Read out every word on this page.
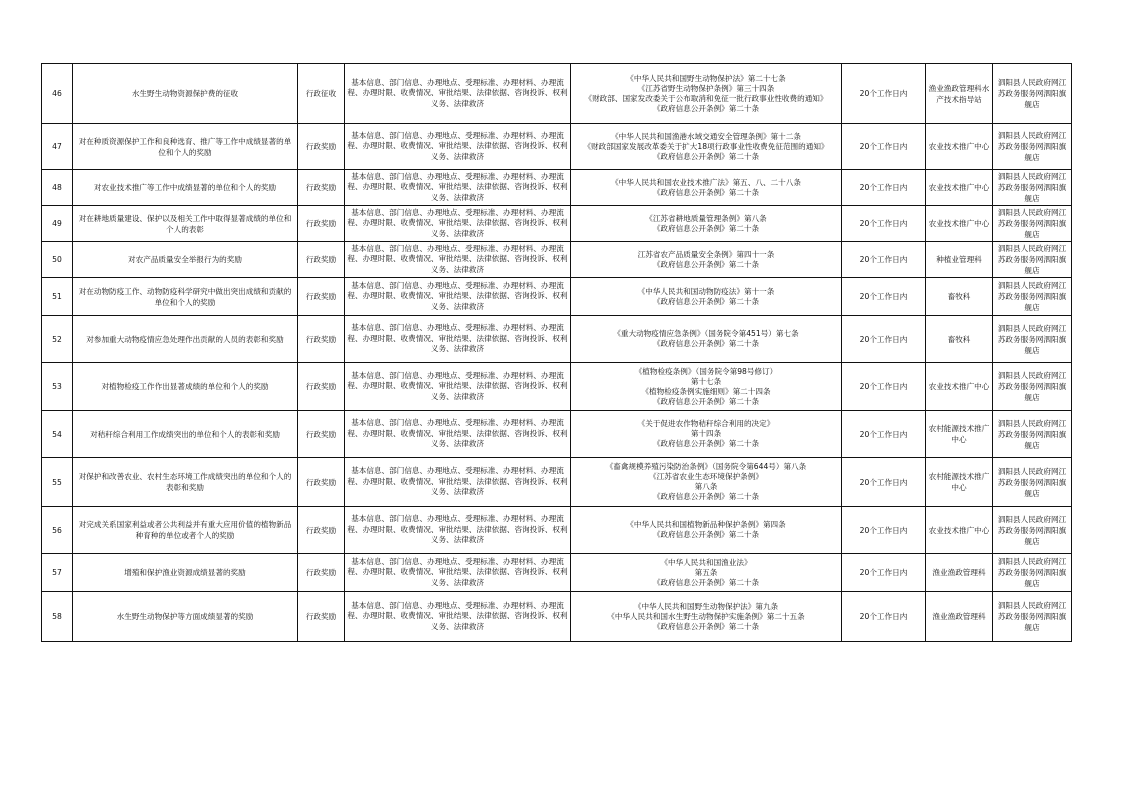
46	水生野生动物资源保护费的征收	行政征收	基本信息、部门信息、办理地点、受理标准、办理材料、办理流程、办理时限、收费情况、审批结果、法律依据、咨询投诉、权利义务、法律救济	《中华人民共和国野生动物保护法》第二十七条
《江苏省野生动物保护条例》第三十四条
《财政部、国家发改委关于公布取消和免征一批行政事业性收费的通知》
《政府信息公开条例》第二十条	20个工作日内	渔业渔政管理科水产技术指导站	泗阳县人民政府网江苏政务服务网泗阳旗舰店
47	对在种质资源保护工作和良种选育、推广等工作中成绩显著的单位和个人的奖励	行政奖励	基本信息、部门信息、办理地点、受理标准、办理材料、办理流程、办理时限、收费情况、审批结果、法律依据、咨询投诉、权利义务、法律救济	《中华人民共和国渔港水域交通安全管理条例》第十二条
《财政部国家发展改革委关于扩大18项行政事业性收费免征范围的通知》
《政府信息公开条例》第二十条	20个工作日内	农业技术推广中心	泗阳县人民政府网江苏政务服务网泗阳旗舰店
48	对农业技术推广等工作中成绩显著的单位和个人的奖励	行政奖励	基本信息、部门信息、办理地点、受理标准、办理材料、办理流程、办理时限、收费情况、审批结果、法律依据、咨询投诉、权利义务、法律救济	《中华人民共和国农业技术推广法》第五、八、二十八条
《政府信息公开条例》第二十条	20个工作日内	农业技术推广中心	泗阳县人民政府网江苏政务服务网泗阳旗舰店
49	对在耕地质量建设、保护以及相关工作中取得显著成绩的单位和个人的表彰	行政奖励	基本信息、部门信息、办理地点、受理标准、办理材料、办理流程、办理时限、收费情况、审批结果、法律依据、咨询投诉、权利义务、法律救济	《江苏省耕地质量管理条例》第八条
《政府信息公开条例》第二十条	20个工作日内	农业技术推广中心	泗阳县人民政府网江苏政务服务网泗阳旗舰店
50	对农产品质量安全举报行为的奖励	行政奖励	基本信息、部门信息、办理地点、受理标准、办理材料、办理流程、办理时限、收费情况、审批结果、法律依据、咨询投诉、权利义务、法律救济	江苏省农产品质量安全条例》第四十一条
《政府信息公开条例》第二十条	20个工作日内	种植业管理科	泗阳县人民政府网江苏政务服务网泗阳旗舰店
51	对在动物防疫工作、动物防疫科学研究中做出突出成绩和贡献的单位和个人的奖励	行政奖励	基本信息、部门信息、办理地点、受理标准、办理材料、办理流程、办理时限、收费情况、审批结果、法律依据、咨询投诉、权利义务、法律救济	《中华人民共和国动物防疫法》第十一条
《政府信息公开条例》第二十条	20个工作日内	畜牧科	泗阳县人民政府网江苏政务服务网泗阳旗舰店
52	对参加重大动物疫情应急处理作出贡献的人员的表彰和奖励	行政奖励	基本信息、部门信息、办理地点、受理标准、办理材料、办理流程、办理时限、收费情况、审批结果、法律依据、咨询投诉、权利义务、法律救济	《重大动物疫情应急条例》（国务院令第451号）第七条
《政府信息公开条例》第二十条	20个工作日内	畜牧科	泗阳县人民政府网江苏政务服务网泗阳旗舰店
53	对植物检疫工作作出显著成绩的单位和个人的奖励	行政奖励	基本信息、部门信息、办理地点、受理标准、办理材料、办理流程、办理时限、收费情况、审批结果、法律依据、咨询投诉、权利义务、法律救济	《植物检疫条例》（国务院令第98号修订）
第十七条
《植物检疫条例实施细则》第二十四条
《政府信息公开条例》第二十条	20个工作日内	农业技术推广中心	泗阳县人民政府网江苏政务服务网泗阳旗舰店
54	对秸秆综合利用工作成绩突出的单位和个人的表彰和奖励	行政奖励	基本信息、部门信息、办理地点、受理标准、办理材料、办理流程、办理时限、收费情况、审批结果、法律依据、咨询投诉、权利义务、法律救济	《关于促进农作物秸秆综合利用的决定》
第十四条
《政府信息公开条例》第二十条	20个工作日内	农村能源技术推广中心	泗阳县人民政府网江苏政务服务网泗阳旗舰店
55	对保护和改善农业、农村生态环境工作成绩突出的单位和个人的表彰和奖励	行政奖励	基本信息、部门信息、办理地点、受理标准、办理材料、办理流程、办理时限、收费情况、审批结果、法律依据、咨询投诉、权利义务、法律救济	《畜禽规模养殖污染防治条例》（国务院令第644号）第八条
《江苏省农业生态环境保护条例》
第八条
《政府信息公开条例》第二十条	20个工作日内	农村能源技术推广中心	泗阳县人民政府网江苏政务服务网泗阳旗舰店
56	对完成关系国家利益或者公共利益并有重大应用价值的植物新品种育种的单位或者个人的奖励	行政奖励	基本信息、部门信息、办理地点、受理标准、办理材料、办理流程、办理时限、收费情况、审批结果、法律依据、咨询投诉、权利义务、法律救济	《中华人民共和国植物新品种保护条例》第四条
《政府信息公开条例》第二十条	20个工作日内	农业技术推广中心	泗阳县人民政府网江苏政务服务网泗阳旗舰店
57	增殖和保护渔业资源成绩显著的奖励	行政奖励	基本信息、部门信息、办理地点、受理标准、办理材料、办理流程、办理时限、收费情况、审批结果、法律依据、咨询投诉、权利义务、法律救济	《中华人民共和国渔业法》
第五条
《政府信息公开条例》第二十条	20个工作日内	渔业渔政管理科	泗阳县人民政府网江苏政务服务网泗阳旗舰店
58	水生野生动物保护等方面成绩显著的奖励	行政奖励	基本信息、部门信息、办理地点、受理标准、办理材料、办理流程、办理时限、收费情况、审批结果、法律依据、咨询投诉、权利义务、法律救济	《中华人民共和国野生动物保护法》第九条
《中华人民共和国水生野生动物保护实施条例》第二十五条
《政府信息公开条例》第二十条	20个工作日内	渔业渔政管理科	泗阳县人民政府网江苏政务服务网泗阳旗舰店
